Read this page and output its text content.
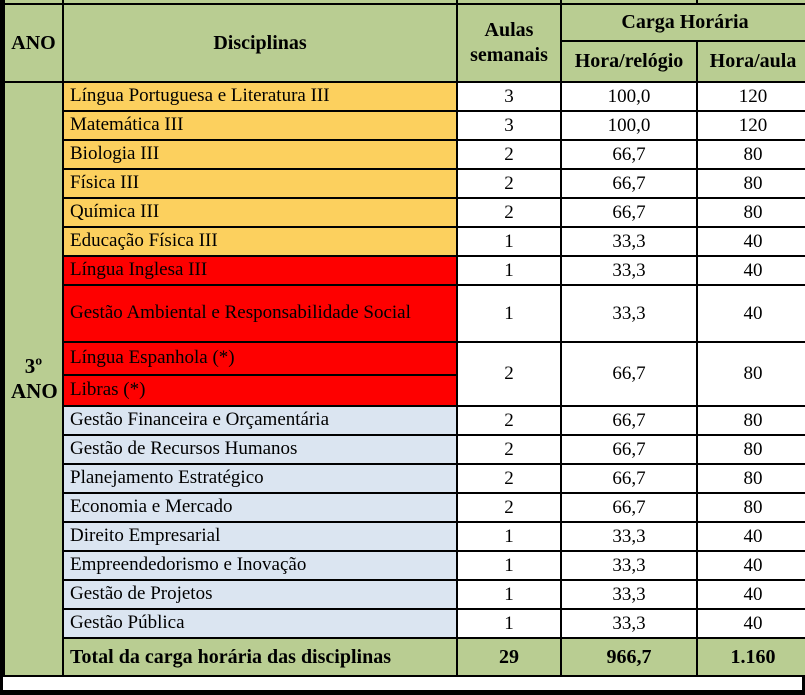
ANO	Disciplinas	Aulas semanais	Carga Horária	
			Hora/relógio	Hora/aula
3º
ANO	Língua Portuguesa e Literatura III	3	100,0	120
	Matemática III	3	100,0	120
	Biologia III	2	66,7	80
	Física III	2	66,7	80
	Química III	2	66,7	80
	Educação Física III	1	33,3	40
	Língua Inglesa III	1	33,3	40
	Gestão Ambiental e Responsabilidade Social	1	33,3	40
	Língua Espanhola (*)	2	66,7	80
	Libras (*)			
	Gestão Financeira e Orçamentária	2	66,7	80
	Gestão de Recursos Humanos	2	66,7	80
	Planejamento Estratégico	2	66,7	80
	Economia e Mercado	2	66,7	80
	Direito Empresarial	1	33,3	40
	Empreendedorismo e Inovação	1	33,3	40
	Gestão de Projetos	1	33,3	40
	Gestão Pública	1	33,3	40
	Total da carga horária das disciplinas	29	966,7	1.160
